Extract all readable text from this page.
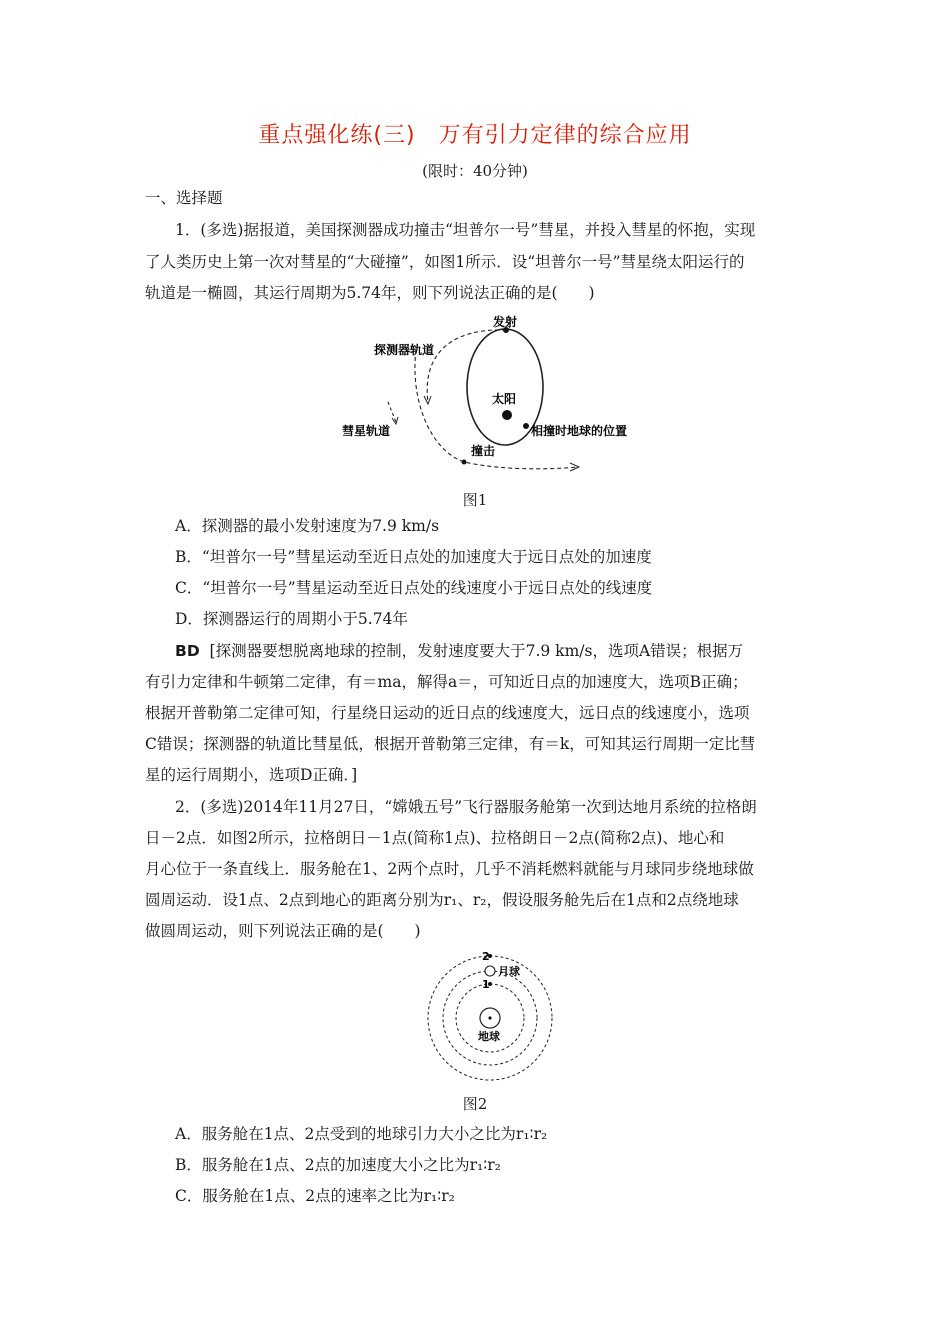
重点强化练(三)　万有引力定律的综合应用
(限时：40分钟)
一、选择题
1．(多选)据报道，美国探测器成功撞击“坦普尔一号”彗星，并投入彗星的怀抱，实现
了人类历史上第一次对彗星的“大碰撞”，如图1所示．设“坦普尔一号”彗星绕太阳运行的
轨道是一椭圆，其运行周期为5.74年，则下列说法正确的是(　　)
发射
探测器轨道
太阳
相撞时地球的位置
彗星轨道
撞击
图1
A．探测器的最小发射速度为7.9 km/s
B．“坦普尔一号”彗星运动至近日点处的加速度大于远日点处的加速度
C．“坦普尔一号”彗星运动至近日点处的线速度小于远日点处的线速度
D．探测器运行的周期小于5.74年
BD [探测器要想脱离地球的控制，发射速度要大于7.9 km/s，选项A错误；根据万
有引力定律和牛顿第二定律，有＝ma，解得a＝，可知近日点的加速度大，选项B正确；
根据开普勒第二定律可知，行星绕日运动的近日点的线速度大，远日点的线速度小，选项
C错误；探测器的轨道比彗星低，根据开普勒第三定律，有＝k，可知其运行周期一定比彗
星的运行周期小，选项D正确．]
2．(多选)2014年11月27日，“嫦娥五号”飞行器服务舱第一次到达地月系统的拉格朗
日－2点．如图2所示，拉格朗日－1点(简称1点)、拉格朗日－2点(简称2点)、地心和
月心位于一条直线上．服务舱在1、2两个点时，几乎不消耗燃料就能与月球同步绕地球做
圆周运动．设1点、2点到地心的距离分别为r₁、r₂，假设服务舱先后在1点和2点绕地球
做圆周运动，则下列说法正确的是(　　)
2
月球
1
地球
图2
A．服务舱在1点、2点受到的地球引力大小之比为r₁∶r₂
B．服务舱在1点、2点的加速度大小之比为r₁∶r₂
C．服务舱在1点、2点的速率之比为r₁∶r₂
